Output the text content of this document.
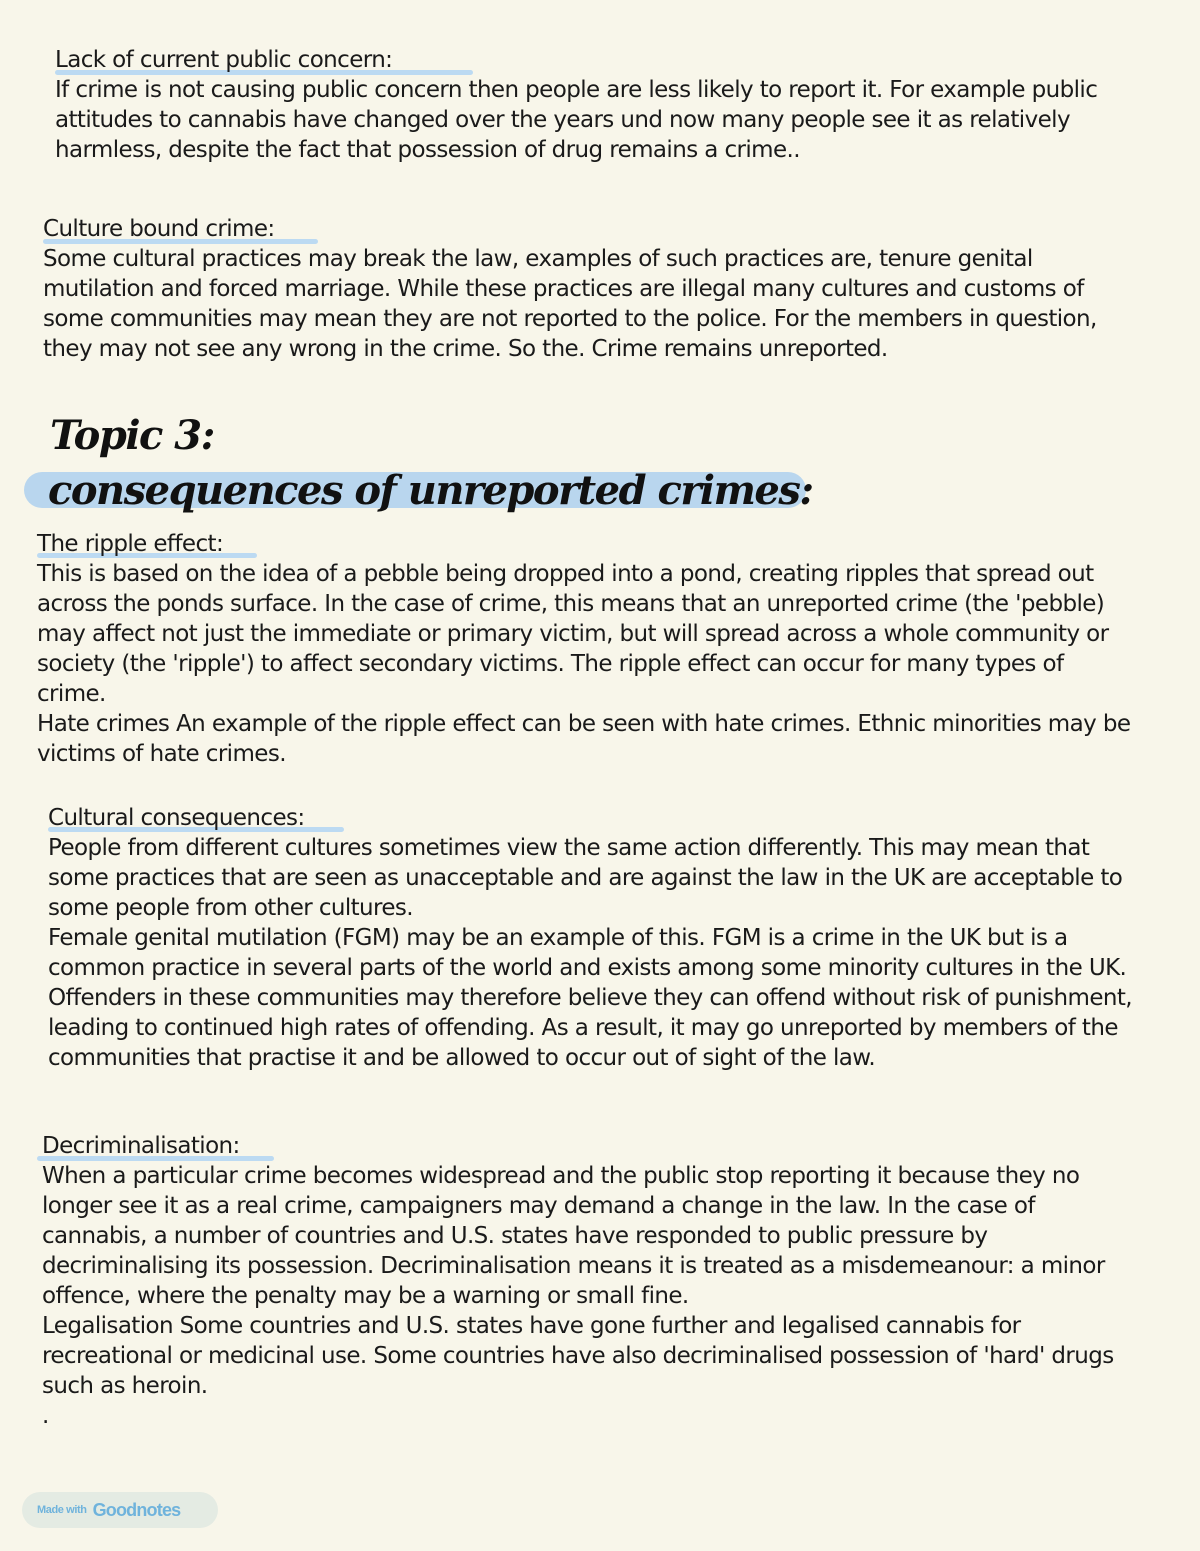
Lack of current public concern:

If crime is not causing public concern then people are less likely to report it. For example public attitudes to cannabis have changed over the years und now many people see it as relatively harmless, despite the fact that possession of drug remains a crime..

Culture bound crime:

Some cultural practices may break the law, examples of such practices are, tenure genital mutilation and forced marriage. While these practices are illegal many cultures and customs of some communities may mean they are not reported to the police. For the members in question, they may not see any wrong in the crime. So the. Crime remains unreported.

Topic 3:
consequences of unreported crimes:
The ripple effect:

This is based on the idea of a pebble being dropped into a pond, creating ripples that spread out across the ponds surface. In the case of crime, this means that an unreported crime (the 'pebble) may affect not just the immediate or primary victim, but will spread across a whole community or society (the 'ripple') to affect secondary victims. The ripple effect can occur for many types of crime.

Hate crimes An example of the ripple effect can be seen with hate crimes. Ethnic minorities may be victims of hate crimes.

Cultural consequences:

People from different cultures sometimes view the same action differently. This may mean that some practices that are seen as unacceptable and are against the law in the UK are acceptable to some people from other cultures.

Female genital mutilation (FGM) may be an example of this. FGM is a crime in the UK but is a common practice in several parts of the world and exists among some minority cultures in the UK. Offenders in these communities may therefore believe they can offend without risk of punishment, leading to continued high rates of offending. As a result, it may go unreported by members of the communities that practise it and be allowed to occur out of sight of the law.

Decriminalisation:

When a particular crime becomes widespread and the public stop reporting it because they no longer see it as a real crime, campaigners may demand a change in the law. In the case of cannabis, a number of countries and U.S. states have responded to public pressure by decriminalising its possession. Decriminalisation means it is treated as a misdemeanour: a minor offence, where the penalty may be a warning or small fine.

Legalisation Some countries and U.S. states have gone further and legalised cannabis for recreational or medicinal use. Some countries have also decriminalised possession of 'hard' drugs such as heroin.

.

Made with Goodnotes
